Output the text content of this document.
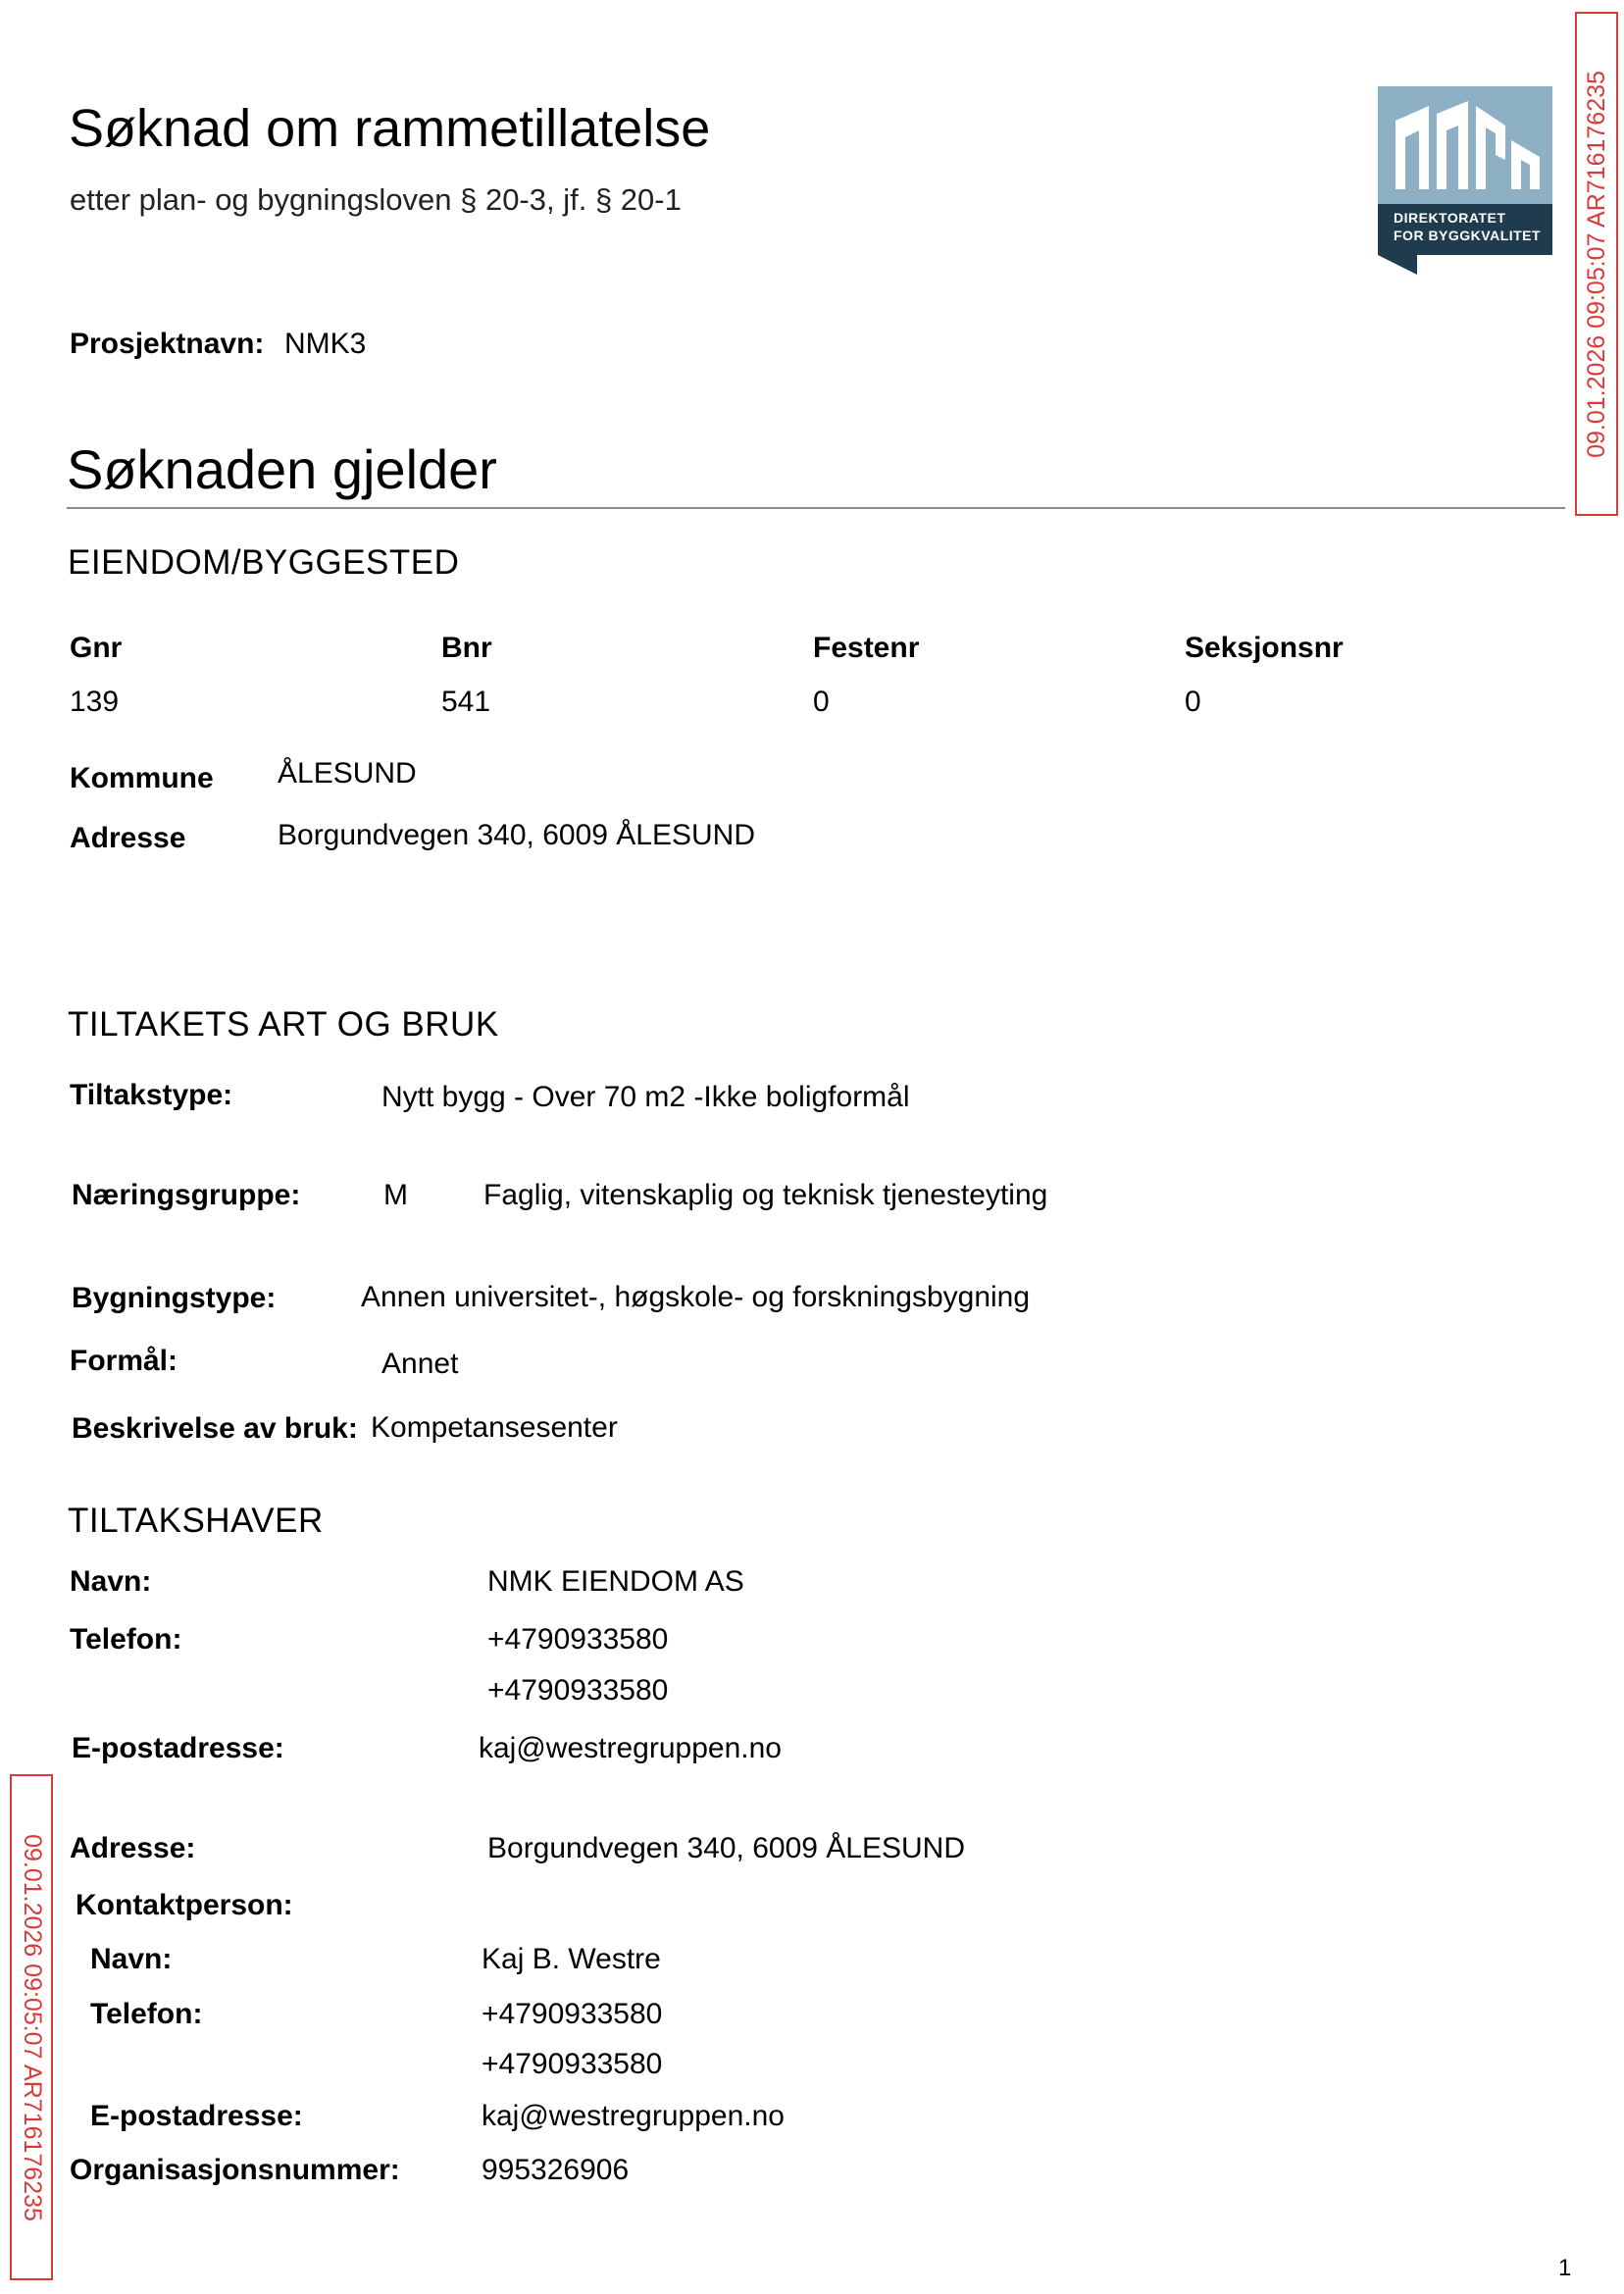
Søknad om rammetillatelse
etter plan- og bygningsloven § 20-3, jf. § 20-1
DIREKTORATET
FOR BYGGKVALITET 09.01.2026 09:05:07 AR716176235
Prosjektnavn: NMK3
Søknaden gjelder
EIENDOM/BYGGESTED
Gnr	Bnr	Festenr	Seksjonsnr
139	541	0	0
Kommune ÅLESUND
Adresse	Borgundvegen 340, 6009 ÅLESUND
TILTAKETS ART OG BRUK
Tiltakstype:	Nytt bygg - Over 70 m2 -Ikke boligformål
Næringsgruppe:	M	Faglig, vitenskaplig og teknisk tjenesteyting
Bygningstype:	Annen universitet-, høgskole- og forskningsbygning
Formål:	Annet
Beskrivelse av bruk: Kompetansesenter
TILTAKSHAVER
Navn:	NMK EIENDOM AS
Telefon:	+4790933580
+4790933580
E-postadresse:	kaj@westregruppen.no
09.01.2026 09:05:07 AR716176235 Adresse:	Borgundvegen 340, 6009 ÅLESUND
Kontaktperson:
Navn:	Kaj B. Westre
Telefon:	+4790933580
+4790933580
E-postadresse:	kaj@westregruppen.no
Organisasjonsnummer:	995326906
1
